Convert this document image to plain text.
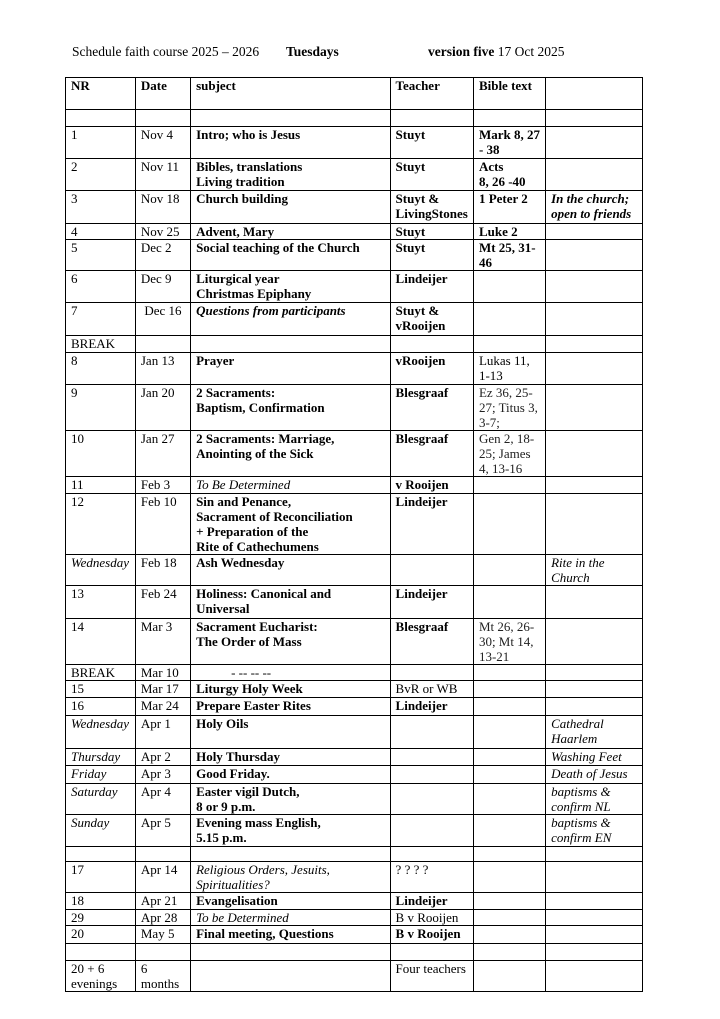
Schedule faith course 2025 – 2026 Tuesdays	version five 17 Oct 2025
NR	Date	subject	Teacher	Bible text	

1	Nov 4	Intro; who is Jesus	Stuyt	Mark 8, 27 - 38	
2	Nov 11	Bibles, translations
Living tradition	Stuyt	Acts
8, 26 -40	
3	Nov 18	Church building	Stuyt &
LivingStones	1 Peter 2	In the church;
open to friends
4	Nov 25	Advent, Mary	Stuyt	Luke 2	
5	Dec 2	Social teaching of the Church	Stuyt	Mt 25, 31-46	
6	Dec 9	Liturgical year
Christmas Epiphany	Lindeijer		
7	Dec 16	Questions from participants	Stuyt &
vRooijen		
BREAK					
8	Jan 13	Prayer	vRooijen	Lukas 11,
1-13	
9	Jan 20	2 Sacraments:
Baptism, Confirmation	Blesgraaf	Ez 36, 25-27; Titus 3, 3-7;	
10	Jan 27	2 Sacraments: Marriage,
Anointing of the Sick	Blesgraaf	Gen 2, 18-25; James 4, 13-16	
11	Feb 3	To Be Determined	v Rooijen		
12	Feb 10	Sin and Penance,
Sacrament of Reconciliation
+ Preparation of the
Rite of Cathechumens	Lindeijer		
Wednesday	Feb 18	Ash Wednesday			Rite in the Church
13	Feb 24	Holiness: Canonical and
Universal	Lindeijer		
14	Mar 3	Sacrament Eucharist:
The Order of Mass	Blesgraaf	Mt 26, 26-30; Mt 14, 13-21	
BREAK	Mar 10	- -- -- --			
15	Mar 17	Liturgy Holy Week	BvR or WB		
16	Mar 24	Prepare Easter Rites	Lindeijer		
Wednesday	Apr 1	Holy Oils			Cathedral
Haarlem
Thursday	Apr 2	Holy Thursday			Washing Feet
Friday	Apr 3	Good Friday.			Death of Jesus
Saturday	Apr 4	Easter vigil Dutch,
8 or 9 p.m.			baptisms &
confirm NL
Sunday	Apr 5	Evening mass English,
5.15 p.m.			baptisms &
confirm EN

17	Apr 14	Religious Orders, Jesuits, Spiritualities?	? ? ? ?		
18	Apr 21	Evangelisation	Lindeijer		
29	Apr 28	To be Determined	B v Rooijen		
20	May 5	Final meeting, Questions	B v Rooijen		

20 + 6
evenings	6
months		Four teachers		
